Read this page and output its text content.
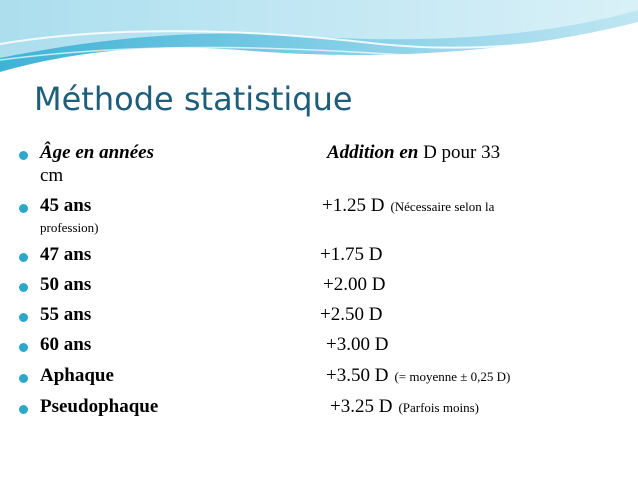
Méthode statistique
Âge en années	Addition en D pour 33
cm
45 ans	+1.25 D (Nécessaire selon la
profession)
47 ans	+1.75 D
50 ans	+2.00 D
55 ans	+2.50 D
60 ans	+3.00 D
Aphaque	+3.50 D (= moyenne ± 0,25 D)
Pseudophaque	+3.25 D (Parfois moins)
